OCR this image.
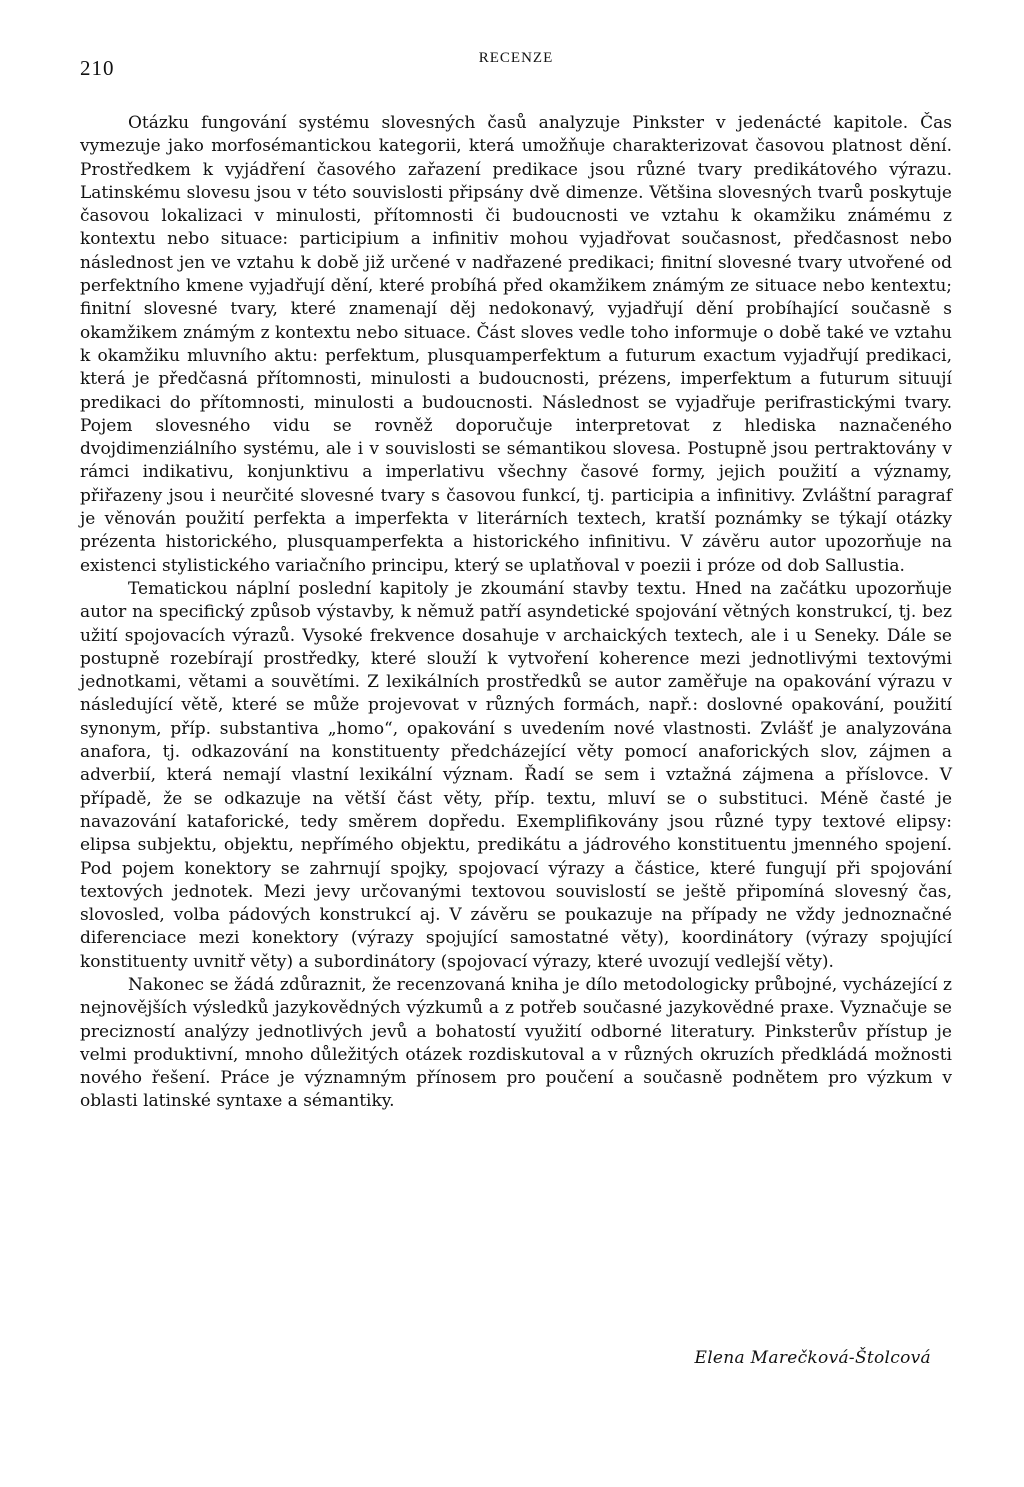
210	RECENZE

Otázku fungování systému slovesných časů analyzuje Pinkster v jedenácté kapitole. Čas vymezuje jako morfosémantickou kategorii, která umožňuje charakterizovat časovou platnost dění. Prostředkem k vyjádření časového zařazení predikace jsou různé tvary predikátového výrazu. Latinskému slovesu jsou v této souvislosti připsány dvě dimenze. Většina slovesných tvarů poskytuje časovou lokalizaci v minulosti, přítomnosti či budoucnosti ve vztahu k okamžiku známému z kontextu nebo situace: participium a infinitiv mohou vyjadřovat současnost, předčasnost nebo následnost jen ve vztahu k době již určené v nadřazené predikaci; finitní slovesné tvary utvořené od perfektního kmene vyjadřují dění, které probíhá před okamžikem známým ze situace nebo kentextu; finitní slovesné tvary, které znamenají děj nedokonavý, vyjadřují dění probíhající současně s okamžikem známým z kontextu nebo situace. Část sloves vedle toho informuje o době také ve vztahu k okamžiku mluvního aktu: perfektum, plusquamperfektum a futurum exactum vyjadřují predikaci, která je předčasná přítomnosti, minulosti a budoucnosti, prézens, imperfektum a futurum situují predikaci do přítomnosti, minulosti a budoucnosti. Následnost se vyjadřuje perifrastickými tvary. Pojem slovesného vidu se rovněž doporučuje interpretovat z hlediska naznačeného dvojdimenziálního systému, ale i v souvislosti se sémantikou slovesa. Postupně jsou pertraktovány v rámci indikativu, konjunktivu a imperlativu všechny časové formy, jejich použití a významy, přiřazeny jsou i neurčité slovesné tvary s časovou funkcí, tj. participia a infinitivy. Zvláštní paragraf je věnován použití perfekta a imperfekta v literárních textech, kratší poznámky se týkají otázky prézenta historického, plusquamperfekta a historického infinitivu. V závěru autor upozorňuje na existenci stylistického variačního principu, který se uplatňoval v poezii i próze od dob Sallustia.

Tematickou náplní poslední kapitoly je zkoumání stavby textu. Hned na začátku upozorňuje autor na specifický způsob výstavby, k němuž patří asyndetické spojování větných konstrukcí, tj. bez užití spojovacích výrazů. Vysoké frekvence dosahuje v archaických textech, ale i u Seneky. Dále se postupně rozebírají prostředky, které slouží k vytvoření koherence mezi jednotlivými textovými jednotkami, větami a souvětími. Z lexikálních prostředků se autor zaměřuje na opakování výrazu v následující větě, které se může projevovat v různých formách, např.: doslovné opakování, použití synonym, příp. substantiva „homo“, opakování s uvedením nové vlastnosti. Zvlášť je analyzována anafora, tj. odkazování na konstituenty předcházející věty pomocí anaforických slov, zájmen a adverbií, která nemají vlastní lexikální význam. Řadí se sem i vztažná zájmena a příslovce. V případě, že se odkazuje na větší část věty, příp. textu, mluví se o substituci. Méně časté je navazování kataforické, tedy směrem dopředu. Exemplifikovány jsou různé typy textové elipsy: elipsa subjektu, objektu, nepřímého objektu, predikátu a jádrového konstituentu jmenného spojení. Pod pojem konektory se zahrnují spojky, spojovací výrazy a částice, které fungují při spojování textových jednotek. Mezi jevy určovanými textovou souvislostí se ještě připomíná slovesný čas, slovosled, volba pádových konstrukcí aj. V závěru se poukazuje na případy ne vždy jednoznačné diferenciace mezi konektory (výrazy spojující samostatné věty), koordinátory (výrazy spojující konstituenty uvnitř věty) a subordinátory (spojovací výrazy, které uvozují vedlejší věty).

Nakonec se žádá zdůraznit, že recenzovaná kniha je dílo metodologicky průbojné, vycházející z nejnovějších výsledků jazykovědných výzkumů a z potřeb současné jazykovědné praxe. Vyznačuje se precizností analýzy jednotlivých jevů a bohatostí využití odborné literatury. Pinksterův přístup je velmi produktivní, mnoho důležitých otázek rozdiskutoval a v různých okruzích předkládá možnosti nového řešení. Práce je významným přínosem pro poučení a současně podnětem pro výzkum v oblasti latinské syntaxe a sémantiky.

Elena Marečková-Štolcová
